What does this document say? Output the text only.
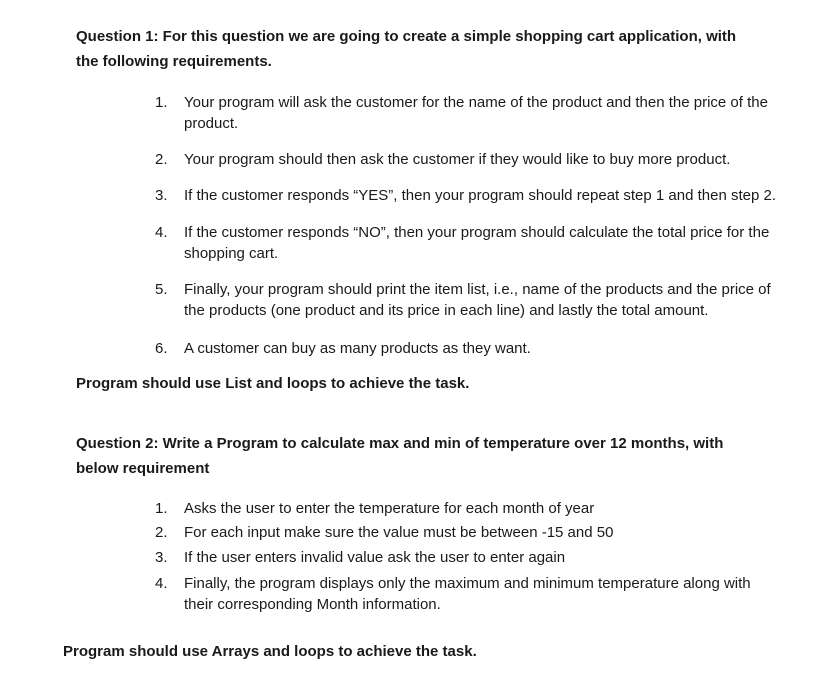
Question 1: For this question we are going to create a simple shopping cart application, with
the following requirements.
1. Your program will ask the customer for the name of the product and then the price of the
product.
2. Your program should then ask the customer if they would like to buy more product.
3. If the customer responds “YES”, then your program should repeat step 1 and then step 2.
4. If the customer responds “NO”, then your program should calculate the total price for the
shopping cart.
5. Finally, your program should print the item list, i.e., name of the products and the price of
the products (one product and its price in each line) and lastly the total amount.
6. A customer can buy as many products as they want.
Program should use List and loops to achieve the task.
Question 2: Write a Program to calculate max and min of temperature over 12 months, with
below requirement
1. Asks the user to enter the temperature for each month of year
2. For each input make sure the value must be between -15 and 50
3. If the user enters invalid value ask the user to enter again
4. Finally, the program displays only the maximum and minimum temperature along with
their corresponding Month information.
Program should use Arrays and loops to achieve the task.
